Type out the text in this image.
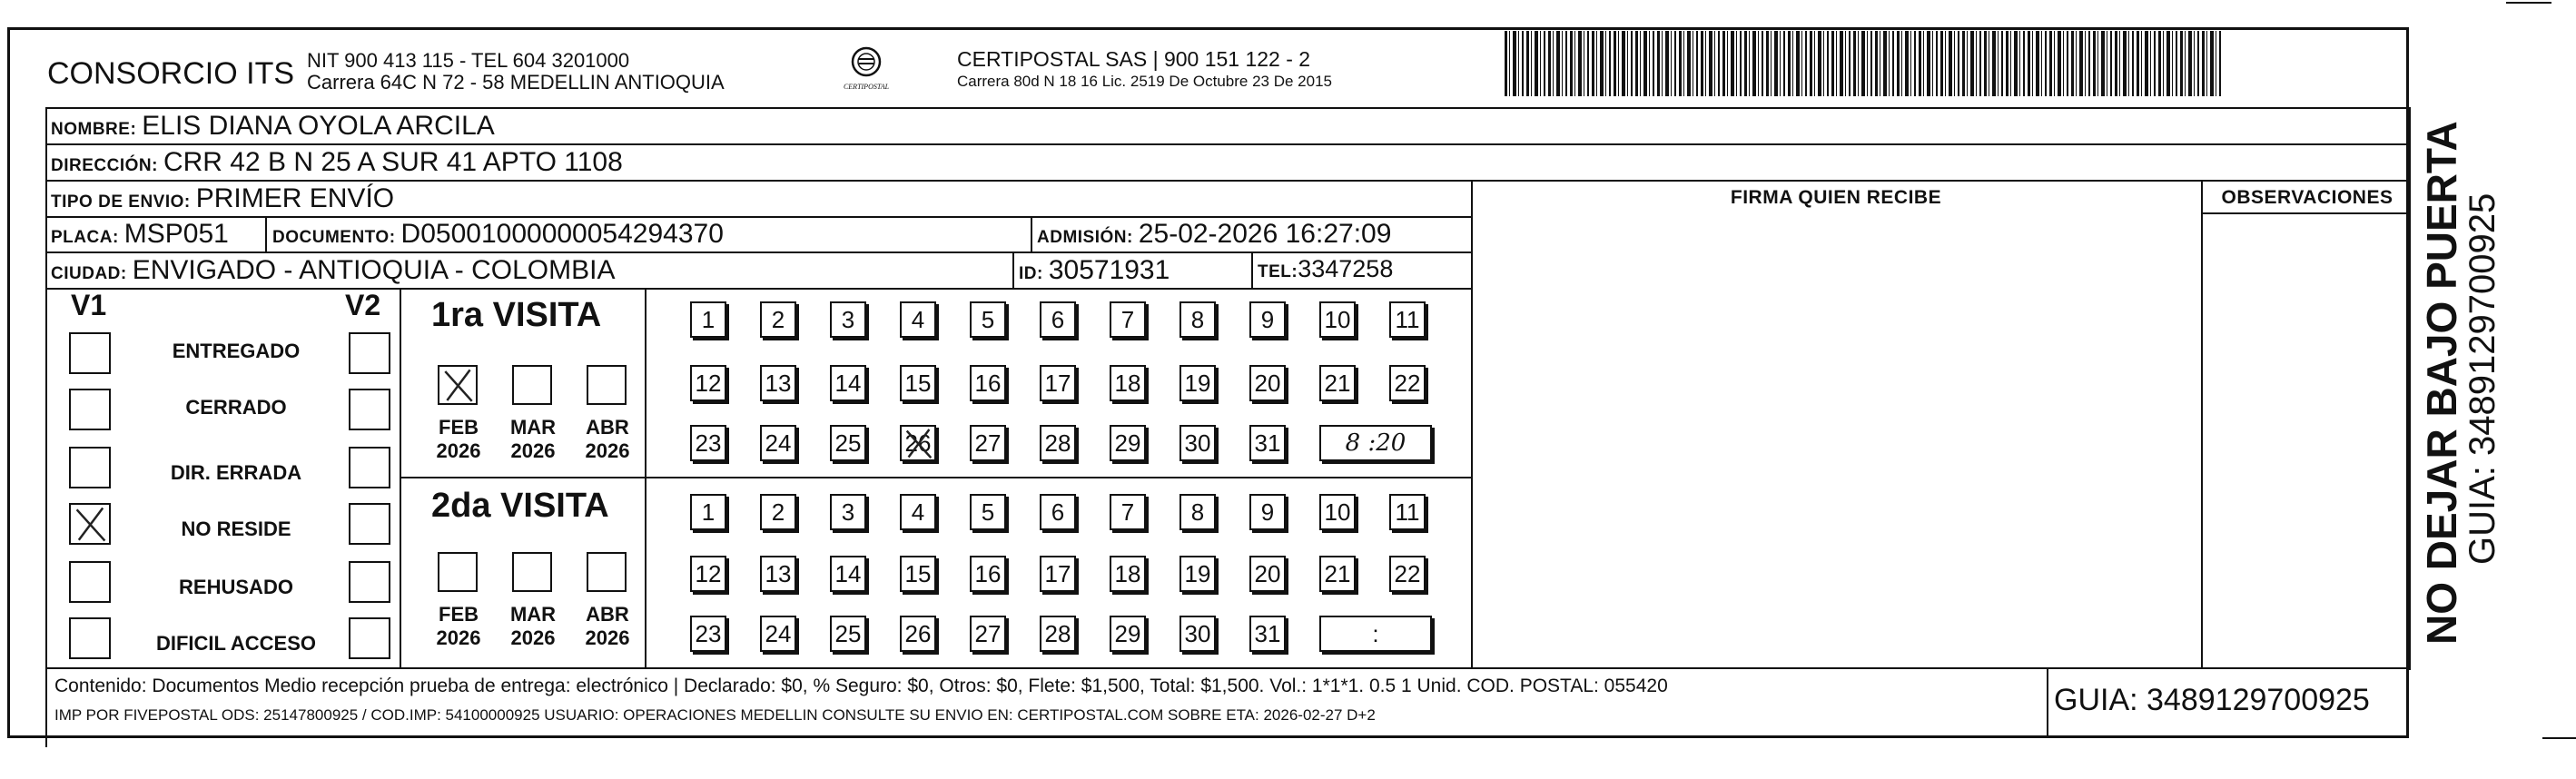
CONSORCIO ITS NIT 900 413 115 - TEL 604 3201000
Carrera 64C N 72 - 58 MEDELLIN ANTIOQUIA	CERTIPOSTAL
CERTIPOSTAL SAS | 900 151 122 - 2
Carrera 80d N 18 16 Lic. 2519 De Octubre 23 De 2015
NOMBRE: ELIS DIANA OYOLA ARCILA
DIRECCIÓN: CRR 42 B N 25 A SUR 41 APTO 1108
TIPO DE ENVIO: PRIMER ENVÍO
PLACA: MSP051	DOCUMENTO: D05001000000054294370	ADMISIÓN: 25-02-2026 16:27:09
CIUDAD: ENVIGADO - ANTIOQUIA - COLOMBIA	ID: 30571931	TEL: 3347258
FIRMA QUIEN RECIBE	OBSERVACIONES
V1	V2
ENTREGADO
CERRADO
DIR. ERRADA
NO RESIDE
REHUSADO
DIFICIL ACCESO
1ra VISITA
2da VISITA
FEB
2026
MAR
2026
ABR
2026
FEB
2026
MAR
2026
ABR
2026
1 2 3 4 5 6 7 8 9 10 11
12 13 14 15 16 17 18 19 20 21 22
23 24 25 26 27 28 29 30 31	8 :20
1 2 3 4 5 6 7 8 9 10 11
12 13 14 15 16 17 18 19 20 21 22
23 24 25 26 27 28 29 30 31	:
Contenido: Documentos Medio recepción prueba de entrega: electrónico | Declarado: $0, % Seguro: $0, Otros: $0, Flete: $1,500, Total: $1,500. Vol.: 1*1*1. 0.5 1 Unid. COD. POSTAL: 055420
IMP POR FIVEPOSTAL ODS: 25147800925 / COD.IMP: 54100000925 USUARIO: OPERACIONES MEDELLIN CONSULTE SU ENVIO EN: CERTIPOSTAL.COM SOBRE ETA: 2026-02-27 D+2	GUIA: 3489129700925
NO DEJAR BAJO PUERTA
GUIA: 3489129700925
